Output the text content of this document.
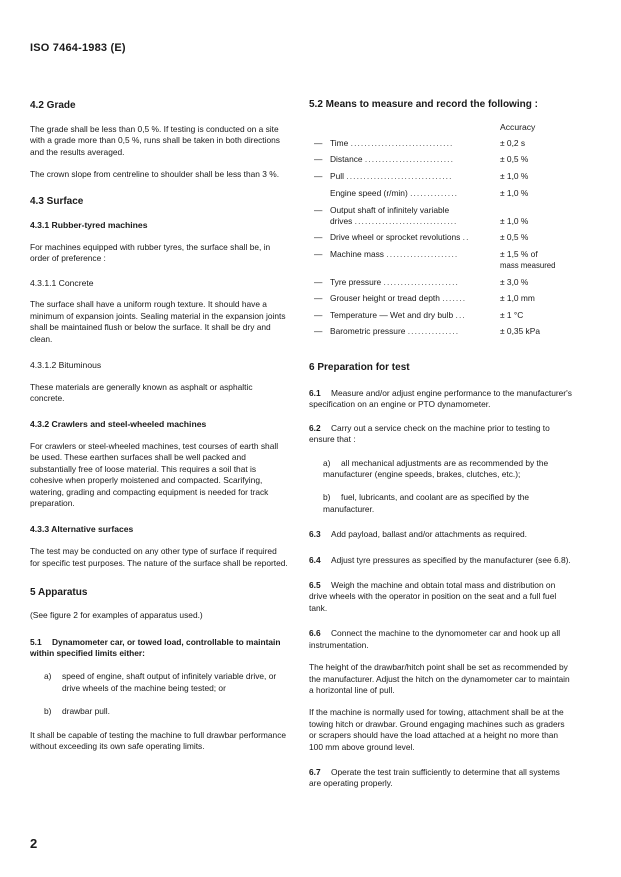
ISO 7464-1983 (E)

4.2 Grade

The grade shall be less than 0,5 %. If testing is conducted on a site with a grade more than 0,5 %, runs shall be taken in both directions and the results averaged.

The crown slope from centreline to shoulder shall be less than 3 %.

4.3 Surface

4.3.1 Rubber-tyred machines

For machines equipped with rubber tyres, the surface shall be, in order of preference :

4.3.1.1 Concrete

The surface shall have a uniform rough texture. It should have a minimum of expansion joints. Sealing material in the expansion joints shall be maintained flush or below the surface. It shall be dry and clean.

4.3.1.2 Bituminous

These materials are generally known as asphalt or asphaltic concrete.

4.3.2 Crawlers and steel-wheeled machines

For crawlers or steel-wheeled machines, test courses of earth shall be used. These earthen surfaces shall be well packed and substantially free of loose material. This requires a soil that is cohesive when properly moistened and compacted. Scarifying, watering, grading and compacting equipment is needed for track preparation.

4.3.3 Alternative surfaces

The test may be conducted on any other type of surface if required for specific test purposes. The nature of the surface shall be reported.

5 Apparatus

(See figure 2 for examples of apparatus used.)

5.1 Dynamometer car, or towed load, controllable to maintain within specified limits either:

a) speed of engine, shaft output of infinitely variable drive, or drive wheels of the machine being tested; or

b) drawbar pull.

It shall be capable of testing the machine to full drawbar performance without exceeding its own safe operating limits.

5.2 Means to measure and record the following :
Accuracy
— Time ..............................	± 0,2 s
— Distance ..........................	± 0,5 %
— Pull ...............................	± 1,0 %
Engine speed (r/min) ..............	± 1,0 %
— Output shaft of infinitely variable
drives ..............................	± 1,0 %
— Drive wheel or sprocket revolutions ..	± 0,5 %
— Machine mass .....................	± 1,5 % of
mass measured
— Tyre pressure ......................	± 3,0 %
— Grouser height or tread depth .......	± 1,0 mm
— Temperature — Wet and dry bulb ...	± 1 °C
— Barometric pressure ...............	± 0,35 kPa

6 Preparation for test

6.1 Measure and/or adjust engine performance to the manufacturer's specification on an engine or PTO dynamometer.

6.2 Carry out a service check on the machine prior to testing to ensure that :

a) all mechanical adjustments are as recommended by the manufacturer (engine speeds, brakes, clutches, etc.);

b) fuel, lubricants, and coolant are as specified by the manufacturer.

6.3 Add payload, ballast and/or attachments as required.

6.4 Adjust tyre pressures as specified by the manufacturer (see 6.8).

6.5 Weigh the machine and obtain total mass and distribution on drive wheels with the operator in position on the seat and a full fuel tank.

6.6 Connect the machine to the dynomometer car and hook up all instrumentation.

The height of the drawbar/hitch point shall be set as recommended by the manufacturer. Adjust the hitch on the dynamometer car to maintain a horizontal line of pull.

If the machine is normally used for towing, attachment shall be at the towing hitch or drawbar. Ground engaging machines such as graders or scrapers should have the load attached at a height no more than 100 mm above ground level.

6.7 Operate the test train sufficiently to determine that all systems are operating properly.

2
